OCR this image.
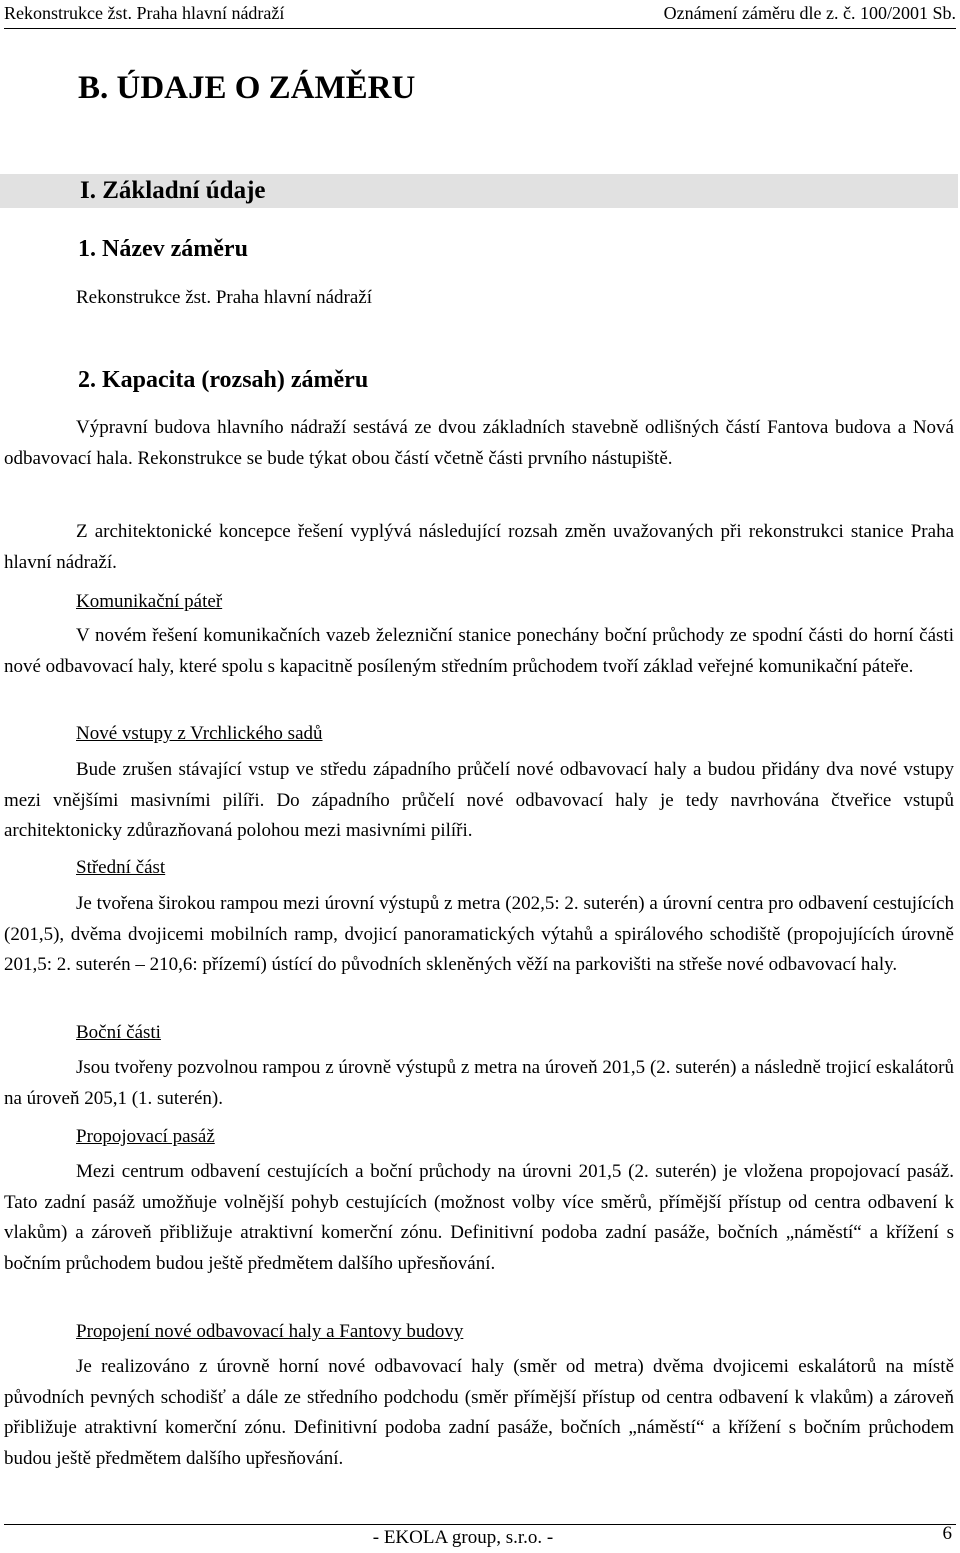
Rekonstrukce žst. Praha hlavní nádraží	Oznámení záměru dle z. č. 100/2001 Sb.
B. ÚDAJE O ZÁMĚRU
I. Základní údaje
1. Název záměru

Rekonstrukce žst. Praha hlavní nádraží

2. Kapacita (rozsah) záměru

Výpravní budova hlavního nádraží sestává ze dvou základních stavebně odlišných částí Fantova budova a Nová odbavovací hala. Rekonstrukce se bude týkat obou částí včetně části prvního nástupiště.

Z architektonické koncepce řešení vyplývá následující rozsah změn uvažovaných při rekonstrukci stanice Praha hlavní nádraží.

Komunikační páteř

V novém řešení komunikačních vazeb železniční stanice ponechány boční průchody ze spodní části do horní části nové odbavovací haly, které spolu s kapacitně posíleným středním průchodem tvoří základ veřejné komunikační páteře.

Nové vstupy z Vrchlického sadů

Bude zrušen stávající vstup ve středu západního průčelí nové odbavovací haly a budou přidány dva nové vstupy mezi vnějšími masivními pilíři. Do západního průčelí nové odbavovací haly je tedy navrhována čtveřice vstupů architektonicky zdůrazňovaná polohou mezi masivními pilíři.

Střední část

Je tvořena širokou rampou mezi úrovní výstupů z metra (202,5: 2. suterén) a úrovní centra pro odbavení cestujících (201,5), dvěma dvojicemi mobilních ramp, dvojicí panoramatických výtahů a spirálového schodiště (propojujících úrovně 201,5: 2. suterén – 210,6: přízemí) ústící do původních skleněných věží na parkovišti na střeše nové odbavovací haly.

Boční části

Jsou tvořeny pozvolnou rampou z úrovně výstupů z metra na úroveň 201,5 (2. suterén) a následně trojicí eskalátorů na úroveň 205,1 (1. suterén).

Propojovací pasáž

Mezi centrum odbavení cestujících a boční průchody na úrovni 201,5 (2. suterén) je vložena propojovací pasáž. Tato zadní pasáž umožňuje volnější pohyb cestujících (možnost volby více směrů, přímější přístup od centra odbavení k vlakům) a zároveň přibližuje atraktivní komerční zónu. Definitivní podoba zadní pasáže, bočních „náměstí“ a křížení s bočním průchodem budou ještě předmětem dalšího upřesňování.

Propojení nové odbavovací haly a Fantovy budovy

Je realizováno z úrovně horní nové odbavovací haly (směr od metra) dvěma dvojicemi eskalátorů na místě původních pevných schodišť a dále ze středního podchodu (směr přímější přístup od centra odbavení k vlakům) a zároveň přibližuje atraktivní komerční zónu. Definitivní podoba zadní pasáže, bočních „náměstí“ a křížení s bočním průchodem budou ještě předmětem dalšího upřesňování.

- EKOLA group, s.r.o. -	6
